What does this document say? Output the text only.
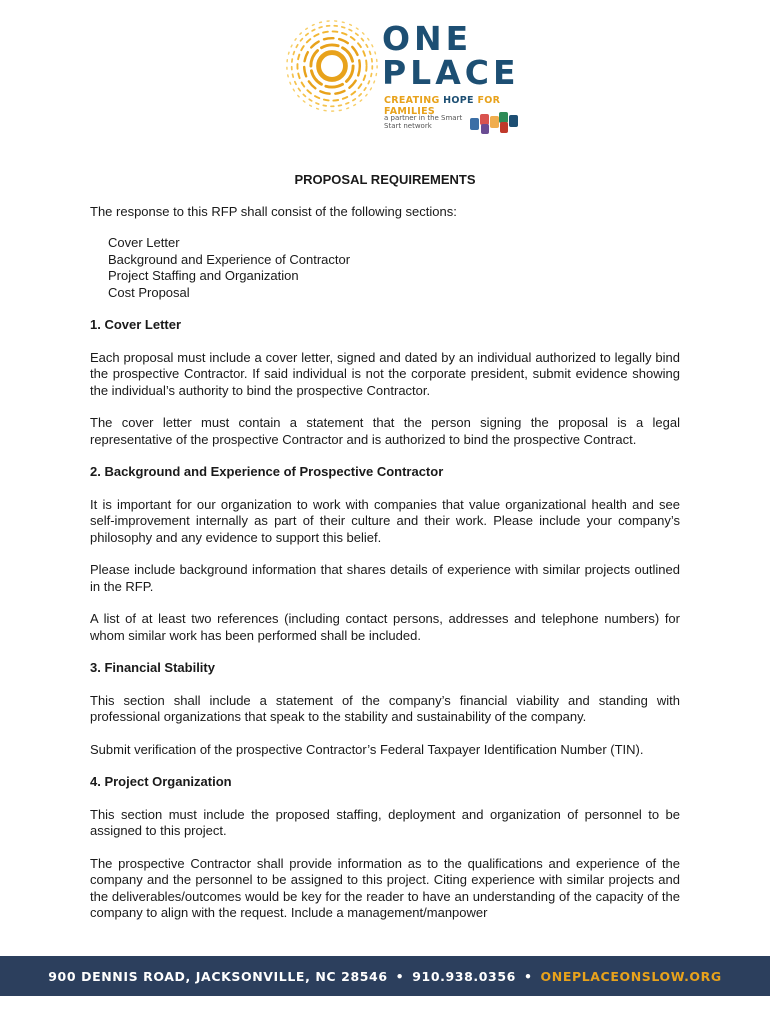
ONE
PLACE
CREATING HOPE FOR FAMILIES
a partner in the Smart Start network
PROPOSAL REQUIREMENTS

The response to this RFP shall consist of the following sections:

Cover Letter
Background and Experience of Contractor
Project Staffing and Organization
Cost Proposal
1. Cover Letter

Each proposal must include a cover letter, signed and dated by an individual authorized to legally bind the prospective Contractor. If said individual is not the corporate president, submit evidence showing the individual’s authority to bind the prospective Contractor.

The cover letter must contain a statement that the person signing the proposal is a legal representative of the prospective Contractor and is authorized to bind the prospective Contract.

2. Background and Experience of Prospective Contractor

It is important for our organization to work with companies that value organizational health and see self-improvement internally as part of their culture and their work. Please include your company’s philosophy and any evidence to support this belief.

Please include background information that shares details of experience with similar projects outlined in the RFP.

A list of at least two references (including contact persons, addresses and telephone numbers) for whom similar work has been performed shall be included.

3. Financial Stability

This section shall include a statement of the company’s financial viability and standing with professional organizations that speak to the stability and sustainability of the company.

Submit verification of the prospective Contractor’s Federal Taxpayer Identification Number (TIN).

4. Project Organization

This section must include the proposed staffing, deployment and organization of personnel to be assigned to this project.

The prospective Contractor shall provide information as to the qualifications and experience of the company and the personnel to be assigned to this project. Citing experience with similar projects and the deliverables/outcomes would be key for the reader to have an understanding of the capacity of the company to align with the request. Include a management/manpower

900 DENNIS ROAD, JACKSONVILLE, NC 28546 • 910.938.0356 • ONEPLACEONSLOW.ORG
